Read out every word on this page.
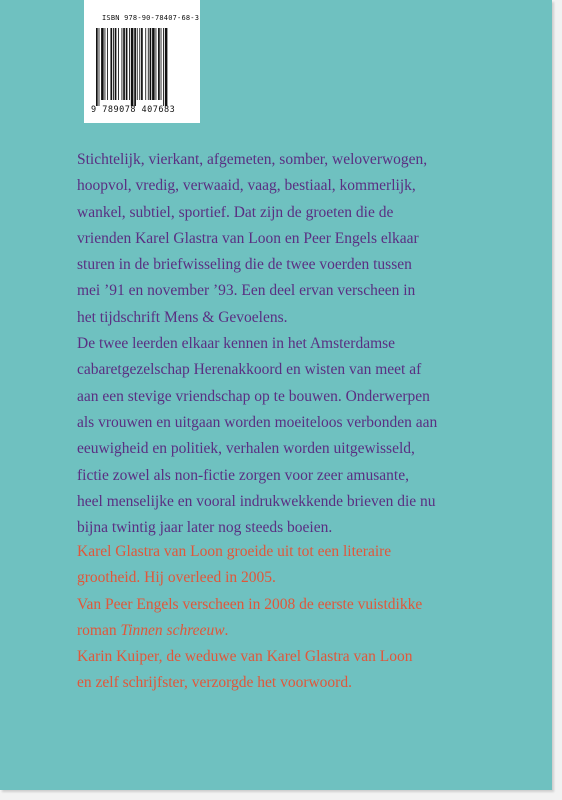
ISBN 978-90-78407-68-3
9 789078 407683

Stichtelijk, vierkant, afgemeten, somber, weloverwogen,

hoopvol, vredig, verwaaid, vaag, bestiaal, kommerlijk,

wankel, subtiel, sportief. Dat zijn de groeten die de

vrienden Karel Glastra van Loon en Peer Engels elkaar

sturen in de briefwisseling die de twee voerden tussen

mei ’91 en november ’93. Een deel ervan verscheen in

het tijdschrift Mens & Gevoelens.

De twee leerden elkaar kennen in het Amsterdamse

cabaretgezelschap Herenakkoord en wisten van meet af

aan een stevige vriendschap op te bouwen. Onderwerpen

als vrouwen en uitgaan worden moeiteloos verbonden aan

eeuwigheid en politiek, verhalen worden uitgewisseld,

fictie zowel als non-fictie zorgen voor zeer amusante,

heel menselijke en vooral indrukwekkende brieven die nu

bijna twintig jaar later nog steeds boeien.

Karel Glastra van Loon groeide uit tot een literaire

grootheid. Hij overleed in 2005.

Van Peer Engels verscheen in 2008 de eerste vuistdikke

roman Tinnen schreeuw.

Karin Kuiper, de weduwe van Karel Glastra van Loon

en zelf schrijfster, verzorgde het voorwoord.
